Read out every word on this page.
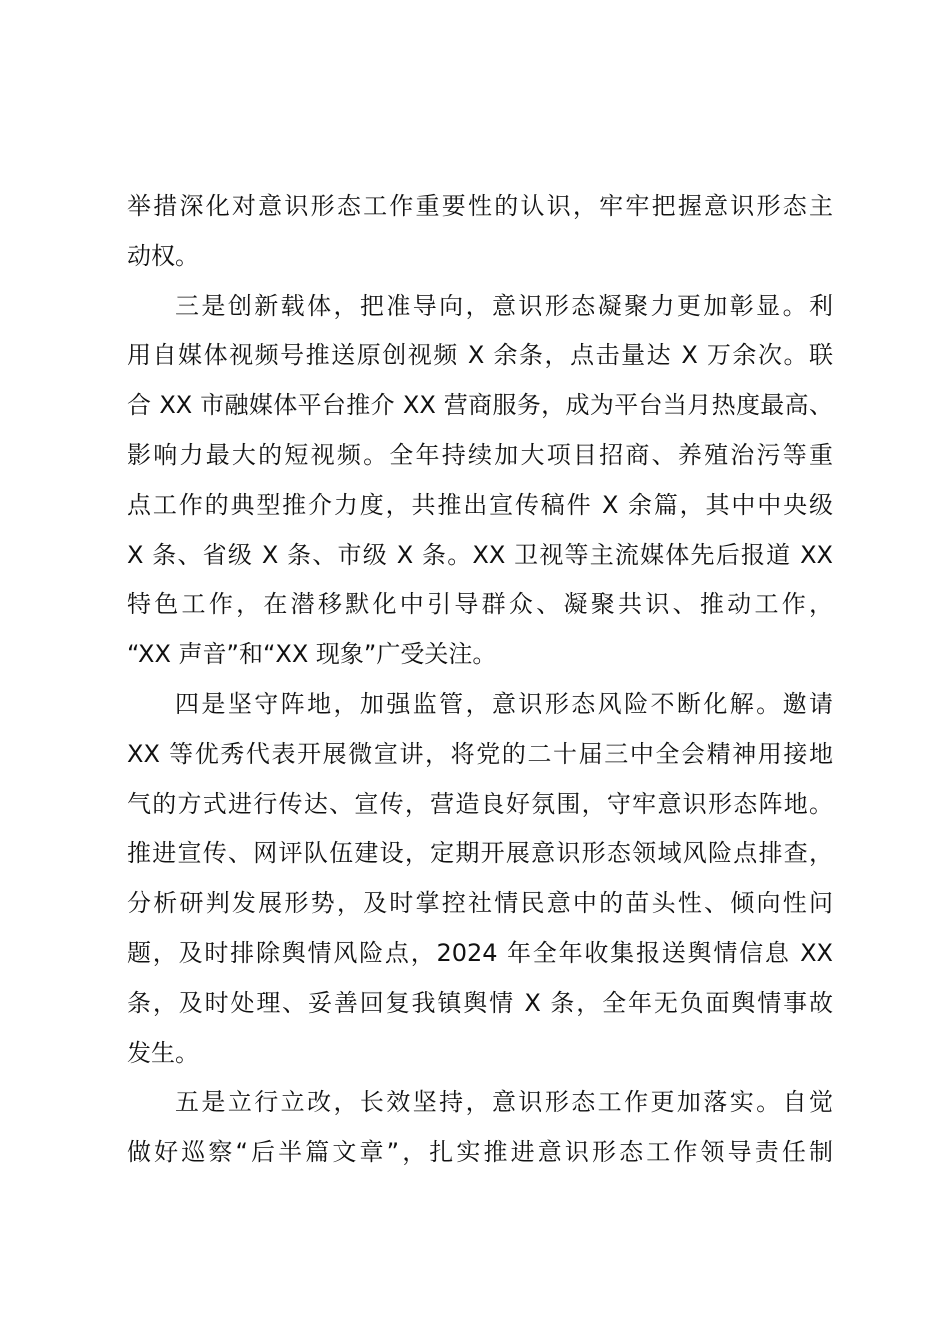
举措深化对意识形态工作重要性的认识，牢牢把握意识形态主
动权。
三是创新载体，把准导向，意识形态凝聚力更加彰显。利
用自媒体视频号推送原创视频 X 余条，点击量达 X 万余次。联
合 XX 市融媒体平台推介 XX 营商服务，成为平台当月热度最高、
影响力最大的短视频。全年持续加大项目招商、养殖治污等重
点工作的典型推介力度，共推出宣传稿件 X 余篇，其中中央级
X 条、省级 X 条、市级 X 条。XX 卫视等主流媒体先后报道 XX
特色工作，在潜移默化中引导群众、凝聚共识、推动工作，
“XX 声音”和“XX 现象”广受关注。
四是坚守阵地，加强监管，意识形态风险不断化解。邀请
XX 等优秀代表开展微宣讲，将党的二十届三中全会精神用接地
气的方式进行传达、宣传，营造良好氛围，守牢意识形态阵地。
推进宣传、网评队伍建设，定期开展意识形态领域风险点排查，
分析研判发展形势，及时掌控社情民意中的苗头性、倾向性问
题，及时排除舆情风险点，2024 年全年收集报送舆情信息 XX
条，及时处理、妥善回复我镇舆情 X 条，全年无负面舆情事故
发生。
五是立行立改，长效坚持，意识形态工作更加落实。自觉
做好巡察“后半篇文章”，扎实推进意识形态工作领导责任制
